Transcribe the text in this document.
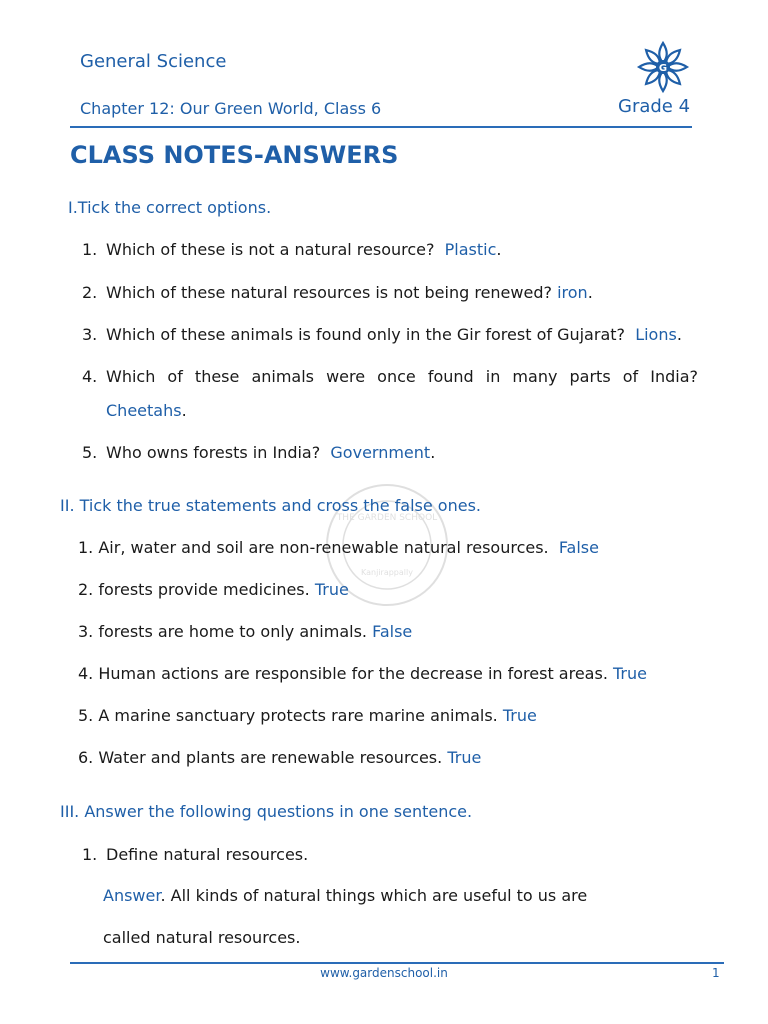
General Science
Chapter 12: Our Green World, Class 6	Grade 4
G
CLASS NOTES-ANSWERS
I.Tick the correct options.
1. Which of these is not a natural resource? Plastic.
2. Which of these natural resources is not being renewed? iron.
3. Which of these animals is found only in the Gir forest of Gujarat? Lions.
4. Which of these animals were once found in many parts of India?
Cheetahs.
5. Who owns forests in India? Government.
THE GARDEN SCHOOL
Kanjirappally
II. Tick the true statements and cross the false ones.
1. Air, water and soil are non-renewable natural resources. False
2. forests provide medicines. True
3. forests are home to only animals. False
4. Human actions are responsible for the decrease in forest areas. True
5. A marine sanctuary protects rare marine animals. True
6. Water and plants are renewable resources. True
III. Answer the following questions in one sentence.
1. Define natural resources.
Answer. All kinds of natural things which are useful to us are
called natural resources.
www.gardenschool.in	1
